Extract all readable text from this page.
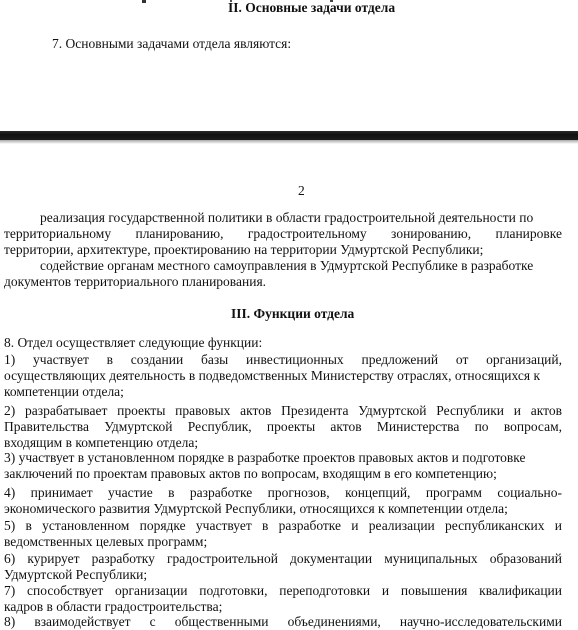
II. Основные задачи отдела
7. Основными задачами отдела являются:
2
реализация государственной политики в области градостроительной деятельности по
территориальному планированию, градостроительному зонированию, планировке
территории, архитектуре, проектированию на территории Удмуртской Республики;
содействие органам местного самоуправления в Удмуртской Республике в разработке
документов территориального планирования.
III. Функции отдела
8. Отдел осуществляет следующие функции:
1) участвует в создании базы инвестиционных предложений от организаций,
осуществляющих деятельность в подведомственных Министерству отраслях, относящихся к
компетенции отдела;
2) разрабатывает проекты правовых актов Президента Удмуртской Республики и актов
Правительства Удмуртской Республик, проекты актов Министерства по вопросам,
входящим в компетенцию отдела;
3) участвует в установленном порядке в разработке проектов правовых актов и подготовке
заключений по проектам правовых актов по вопросам, входящим в его компетенцию;
4) принимает участие в разработке прогнозов, концепций, программ социально-
экономического развития Удмуртской Республики, относящихся к компетенции отдела;
5) в установленном порядке участвует в разработке и реализации республиканских и
ведомственных целевых программ;
6) курирует разработку градостроительной документации муниципальных образований
Удмуртской Республики;
7) способствует организации подготовки, переподготовки и повышения квалификации
кадров в области градостроительства;
8) взаимодействует с общественными объединениями, научно-исследовательскими
